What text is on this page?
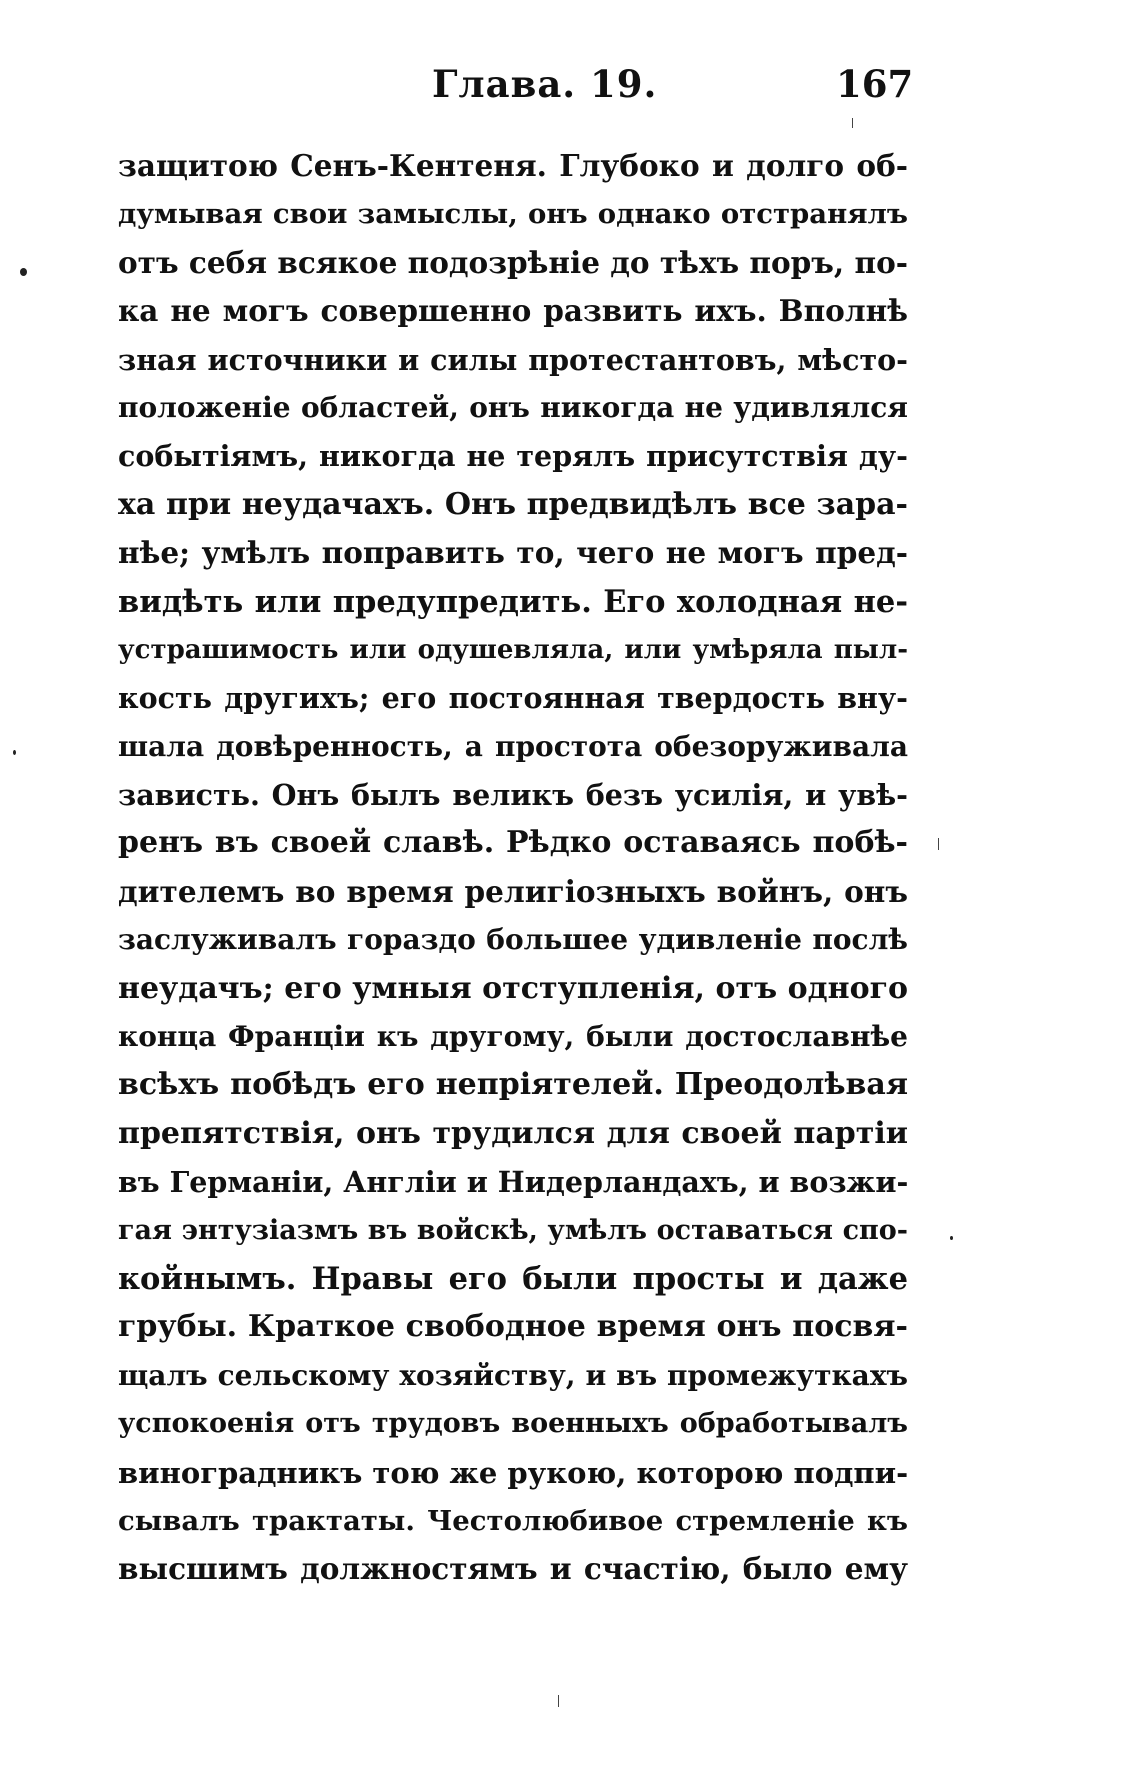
Глава. 19.	167
защитою Сенъ-Кентеня. Глубоко и долго об-
думывая свои замыслы, онъ однако отстранялъ
отъ себя всякое подозрѣніе до тѣхъ поръ, по-
ка не могъ совершенно развить ихъ. Вполнѣ
зная источники и силы протестантовъ, мѣсто-
положеніе областей, онъ никогда не удивлялся
событіямъ, никогда не терялъ присутствія ду-
ха при неудачахъ. Онъ предвидѣлъ все зара-
нѣе; умѣлъ поправить то, чего не могъ пред-
видѣть или предупредить. Его холодная не-
устрашимость или одушевляла, или умѣряла пыл-
кость другихъ; его постоянная твердость вну-
шала довѣренность, а простота обезоруживала
зависть. Онъ былъ великъ безъ усилія, и увѣ-
ренъ въ своей славѣ. Рѣдко оставаясь побѣ-
дителемъ во время религіозныхъ войнъ, онъ
заслуживалъ гораздо большее удивленіе послѣ
неудачъ; его умныя отступленія, отъ одного
конца Франціи къ другому, были достославнѣе
всѣхъ побѣдъ его непріятелей. Преодолѣвая
препятствія, онъ трудился для своей партіи
въ Германіи, Англіи и Нидерландахъ, и возжи-
гая энтузіазмъ въ войскѣ, умѣлъ оставаться спо-
койнымъ. Нравы его были просты и даже
грубы. Краткое свободное время онъ посвя-
щалъ сельскому хозяйству, и въ промежуткахъ
успокоенія отъ трудовъ военныхъ обработывалъ
виноградникъ тою же рукою, которою подпи-
сывалъ трактаты. Честолюбивое стремленіе къ
высшимъ должностямъ и счастію, было ему
